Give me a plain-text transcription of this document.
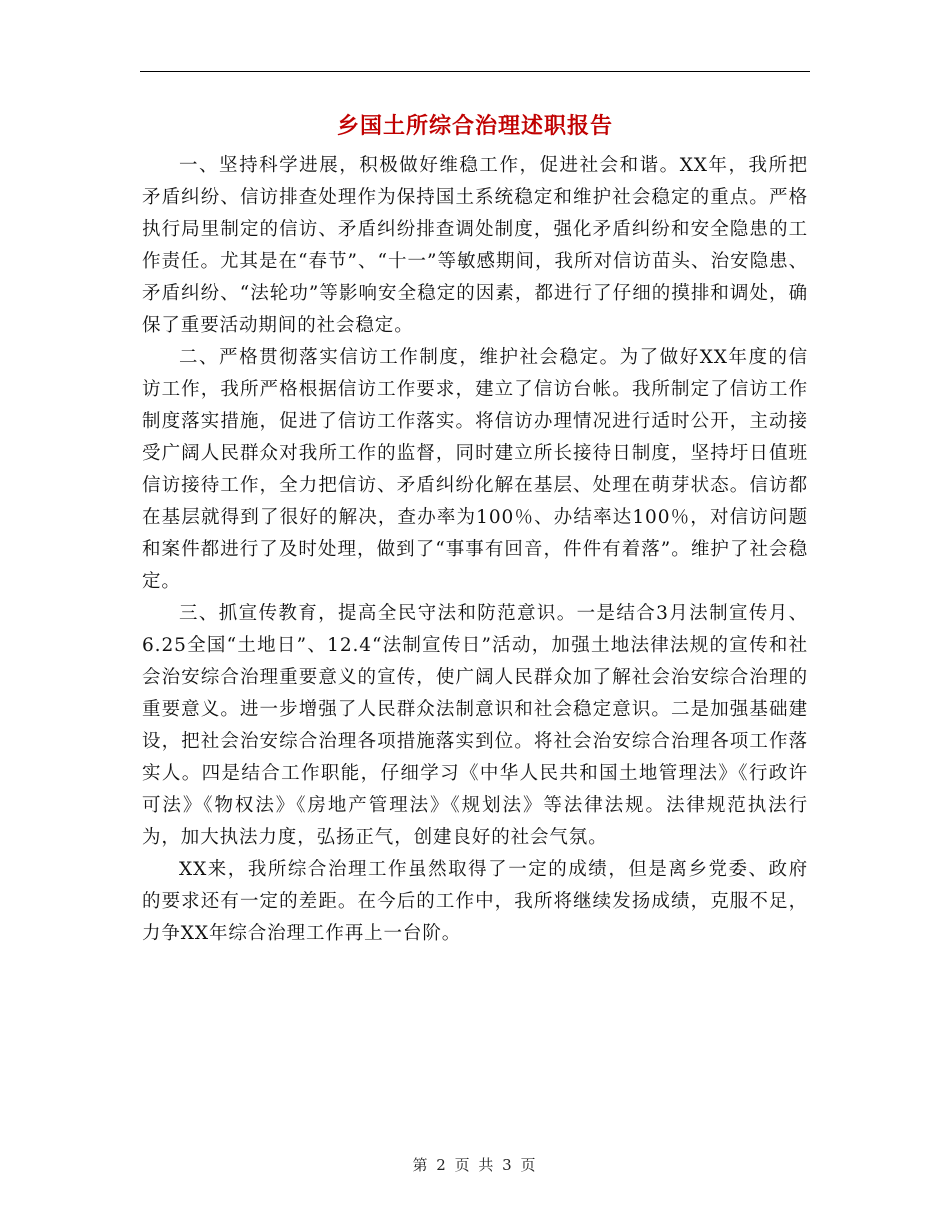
乡国土所综合治理述职报告

一、坚持科学进展，积极做好维稳工作，促进社会和谐。XX年，我所把矛盾纠纷、信访排查处理作为保持国土系统稳定和维护社会稳定的重点。严格执行局里制定的信访、矛盾纠纷排查调处制度，强化矛盾纠纷和安全隐患的工作责任。尤其是在“春节”、“十一”等敏感期间，我所对信访苗头、治安隐患、矛盾纠纷、“法轮功”等影响安全稳定的因素，都进行了仔细的摸排和调处，确保了重要活动期间的社会稳定。

二、严格贯彻落实信访工作制度，维护社会稳定。为了做好XX年度的信访工作，我所严格根据信访工作要求，建立了信访台帐。我所制定了信访工作制度落实措施，促进了信访工作落实。将信访办理情况进行适时公开，主动接受广阔人民群众对我所工作的监督，同时建立所长接待日制度，坚持圩日值班信访接待工作，全力把信访、矛盾纠纷化解在基层、处理在萌芽状态。信访都在基层就得到了很好的解决，查办率为100％、办结率达100％，对信访问题和案件都进行了及时处理，做到了“事事有回音，件件有着落”。维护了社会稳定。

三、抓宣传教育，提高全民守法和防范意识。一是结合3月法制宣传月、6.25全国“土地日”、12.4“法制宣传日”活动，加强土地法律法规的宣传和社会治安综合治理重要意义的宣传，使广阔人民群众加了解社会治安综合治理的重要意义。进一步增强了人民群众法制意识和社会稳定意识。二是加强基础建设，把社会治安综合治理各项措施落实到位。将社会治安综合治理各项工作落实人。四是结合工作职能，仔细学习《中华人民共和国土地管理法》《行政许可法》《物权法》《房地产管理法》《规划法》等法律法规。法律规范执法行为，加大执法力度，弘扬正气，创建良好的社会气氛。

XX来，我所综合治理工作虽然取得了一定的成绩，但是离乡党委、政府的要求还有一定的差距。在今后的工作中，我所将继续发扬成绩，克服不足，力争XX年综合治理工作再上一台阶。

第 2 页 共 3 页
